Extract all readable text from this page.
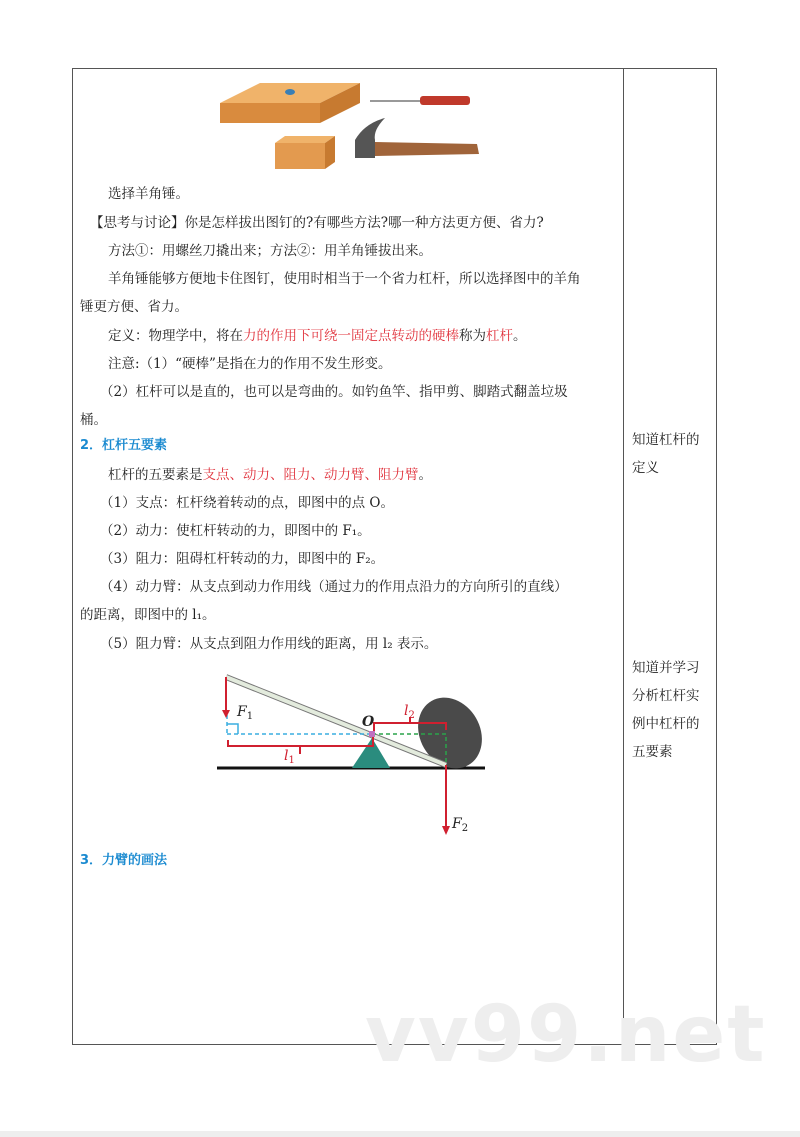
选择羊角锤。
【思考与讨论】你是怎样拔出图钉的?有哪些方法?哪一种方法更方便、省力?
方法①：用螺丝刀撬出来；方法②：用羊角锤拔出来。
羊角锤能够方便地卡住图钉，使用时相当于一个省力杠杆，所以选择图中的羊角
锤更方便、省力。
定义：物理学中，将在力的作用下可绕一固定点转动的硬棒称为杠杆。
注意:（1）“硬棒”是指在力的作用不发生形变。
（2）杠杆可以是直的，也可以是弯曲的。如钓鱼竿、指甲剪、脚踏式翻盖垃圾
桶。
2．杠杆五要素
杠杆的五要素是支点、动力、阻力、动力臂、阻力臂。
（1）支点：杠杆绕着转动的点，即图中的点 O。
（2）动力：使杠杆转动的力，即图中的 F₁。
（3）阻力：阻碍杠杆转动的力，即图中的 F₂。
（4）动力臂：从支点到动力作用线（通过力的作用点沿力的方向所引的直线）
的距离，即图中的 l₁。
（5）阻力臂：从支点到阻力作用线的距离，用 l₂ 表示。
$F_1$	O
$l_1$
$l_2$
$F_2$
3．力臂的画法
知道杠杆的
定义
知道并学习
分析杠杆实
例中杠杆的
五要素
vv99.net
